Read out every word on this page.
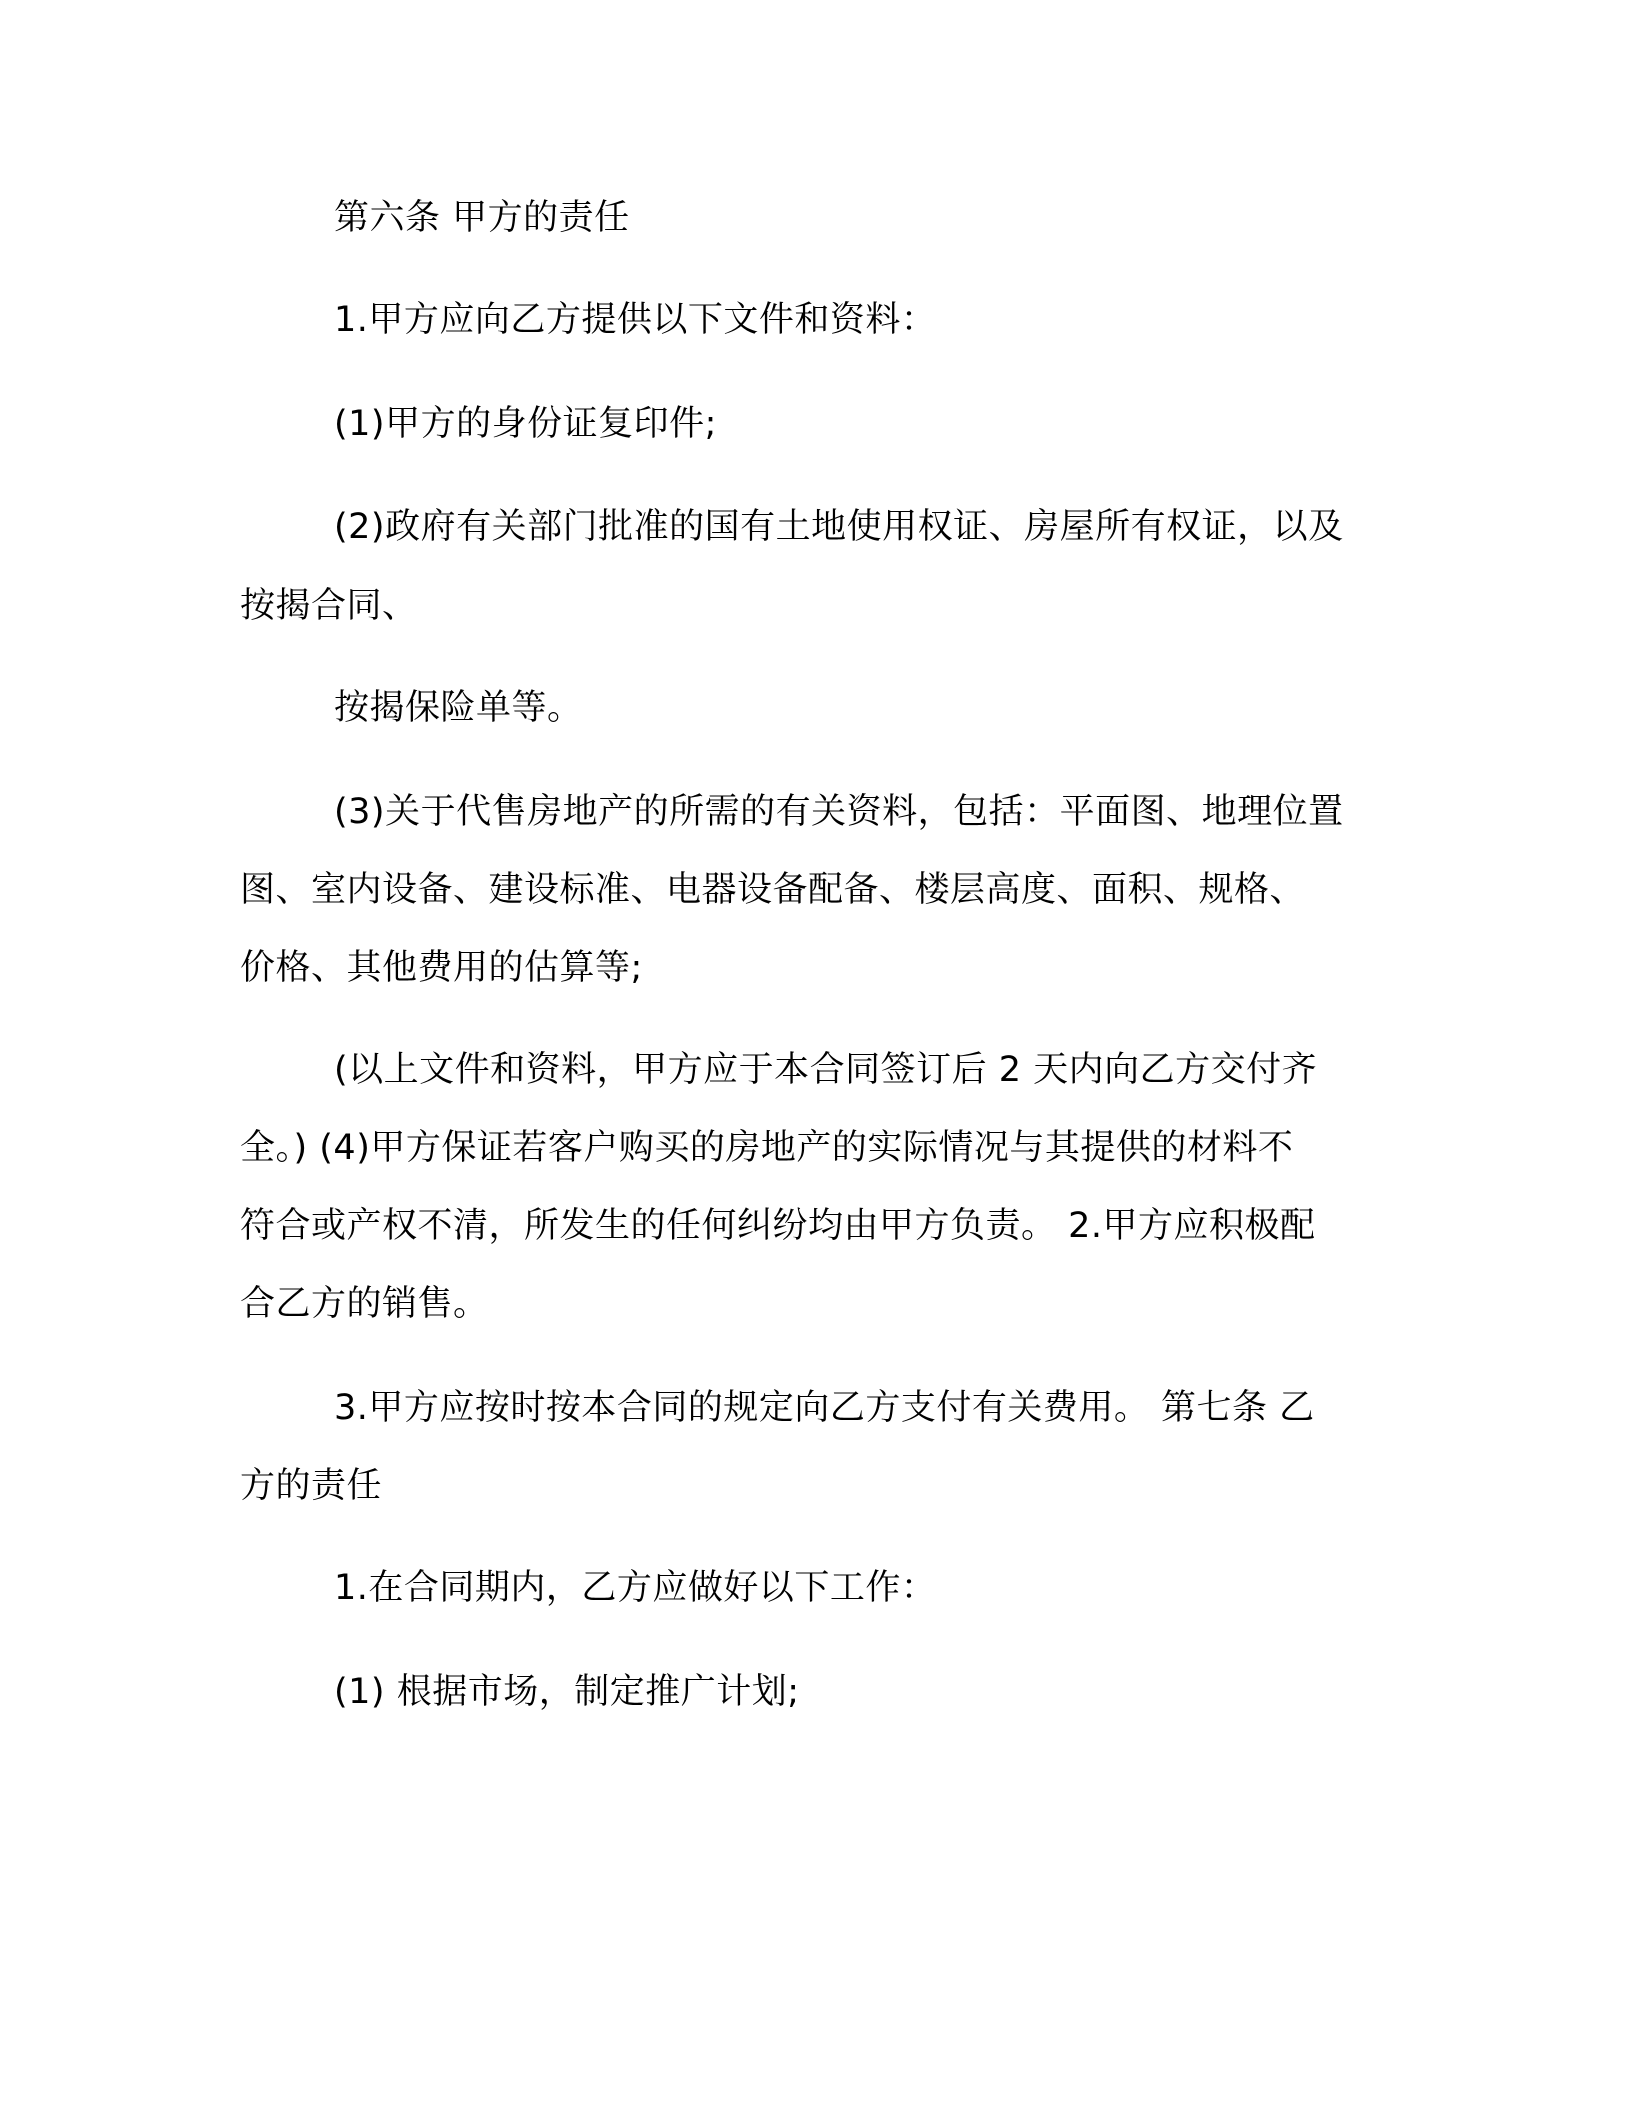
第六条 甲方的责任

1.甲方应向乙方提供以下文件和资料：

(1)甲方的身份证复印件;

(2)政府有关部门批准的国有土地使用权证、房屋所有权证，以及

按揭合同、

按揭保险单等。

(3)关于代售房地产的所需的有关资料，包括：平面图、地理位置

图、室内设备、建设标准、电器设备配备、楼层高度、面积、规格、

价格、其他费用的估算等;

(以上文件和资料，甲方应于本合同签订后 2 天内向乙方交付齐

全。) (4)甲方保证若客户购买的房地产的实际情况与其提供的材料不

符合或产权不清，所发生的任何纠纷均由甲方负责。 2.甲方应积极配

合乙方的销售。

3.甲方应按时按本合同的规定向乙方支付有关费用。 第七条 乙

方的责任

1.在合同期内，乙方应做好以下工作：

(1) 根据市场，制定推广计划;
